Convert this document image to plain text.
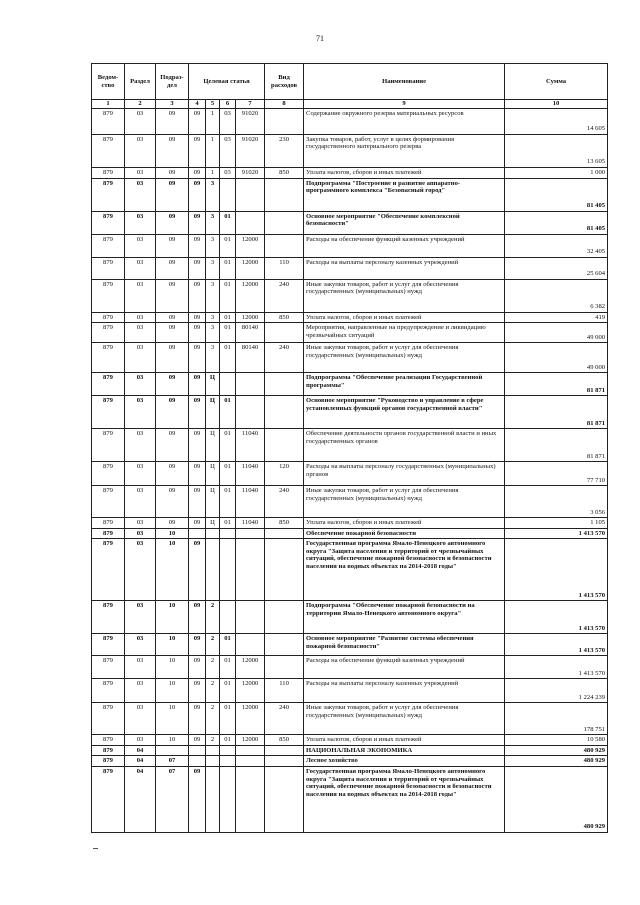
71
Ведом-ство	Раздел	Подраз-дел	Целевая статья				Вид расходов	Наименование	Сумма
1	2	3	4	5	6	7	8	9	10
879	03	09	09	1	03	91020		Содержание окружного резерва материальных ресурсов	14 605
879	03	09	09	1	03	91020	230	Закупка товаров, работ, услуг в целях формирования государственного материального резерва	13 605
879	03	09	09	1	03	91020	850	Уплата налогов, сборов и иных платежей	1 000
879	03	09	09	3				Подпрограмма "Построение и развитие аппаратно-программного комплекса "Безопасный город"	81 405
879	03	09	09	3	01			Основное мероприятие "Обеспечение комплексной безопасности"	81 405
879	03	09	09	3	01	12000		Расходы на обеспечение функций казенных учреждений	32 405
879	03	09	09	3	01	12000	110	Расходы на выплаты персоналу казенных учреждений	25 604
879	03	09	09	3	01	12000	240	Иные закупки товаров, работ и услуг для обеспечения государственных (муниципальных) нужд	6 382
879	03	09	09	3	01	12000	850	Уплата налогов, сборов и иных платежей	419
879	03	09	09	3	01	80140		Мероприятия, направленные на предупреждение и ликвидацию чрезвычайных ситуаций	49 000
879	03	09	09	3	01	80140	240	Иные закупки товаров, работ и услуг для обеспечения государственных (муниципальных) нужд	49 000
879	03	09	09	Ц				Подпрограмма "Обеспечение реализации Государственной программы"	81 871
879	03	09	09	Ц	01			Основное мероприятие "Руководство и управление в сфере установленных функций органов государственной власти"	81 871
879	03	09	09	Ц	01	11040		Обеспечение деятельности органов государственной власти и иных государственных органов	81 871
879	03	09	09	Ц	01	11040	120	Расходы на выплаты персоналу государственных (муниципальных) органов	77 710
879	03	09	09	Ц	01	11040	240	Иные закупки товаров, работ и услуг для обеспечения государственных (муниципальных) нужд	3 056
879	03	09	09	Ц	01	11040	850	Уплата налогов, сборов и иных платежей	1 105
879	03	10						Обеспечение пожарной безопасности	1 413 570
879	03	10	09					Государственная программа Ямало-Ненецкого автономного округа "Защита населения и территорий от чрезвычайных ситуаций, обеспечение пожарной безопасности и безопасности населения на водных объектах на 2014-2018 годы"	1 413 570
879	03	10	09	2				Подпрограмма "Обеспечение пожарной безопасности на территории Ямало-Ненецкого автономного округа"	1 413 570
879	03	10	09	2	01			Основное мероприятие "Развитие системы обеспечения пожарной безопасности"	1 413 570
879	03	10	09	2	01	12000		Расходы на обеспечение функций казенных учреждений	1 413 570
879	03	10	09	2	01	12000	110	Расходы на выплаты персоналу казенных учреждений	1 224 239
879	03	10	09	2	01	12000	240	Иные закупки товаров, работ и услуг для обеспечения государственных (муниципальных) нужд	178 751
879	03	10	09	2	01	12000	850	Уплата налогов, сборов и иных платежей	10 580
879	04							НАЦИОНАЛЬНАЯ ЭКОНОМИКА	480 929
879	04	07						Лесное хозяйство	480 929
879	04	07	09					Государственная программа Ямало-Ненецкого автономного округа "Защита населения и территорий от чрезвычайных ситуаций, обеспечение пожарной безопасности и безопасности населения на водных объектах на 2014-2018 годы"	480 929
